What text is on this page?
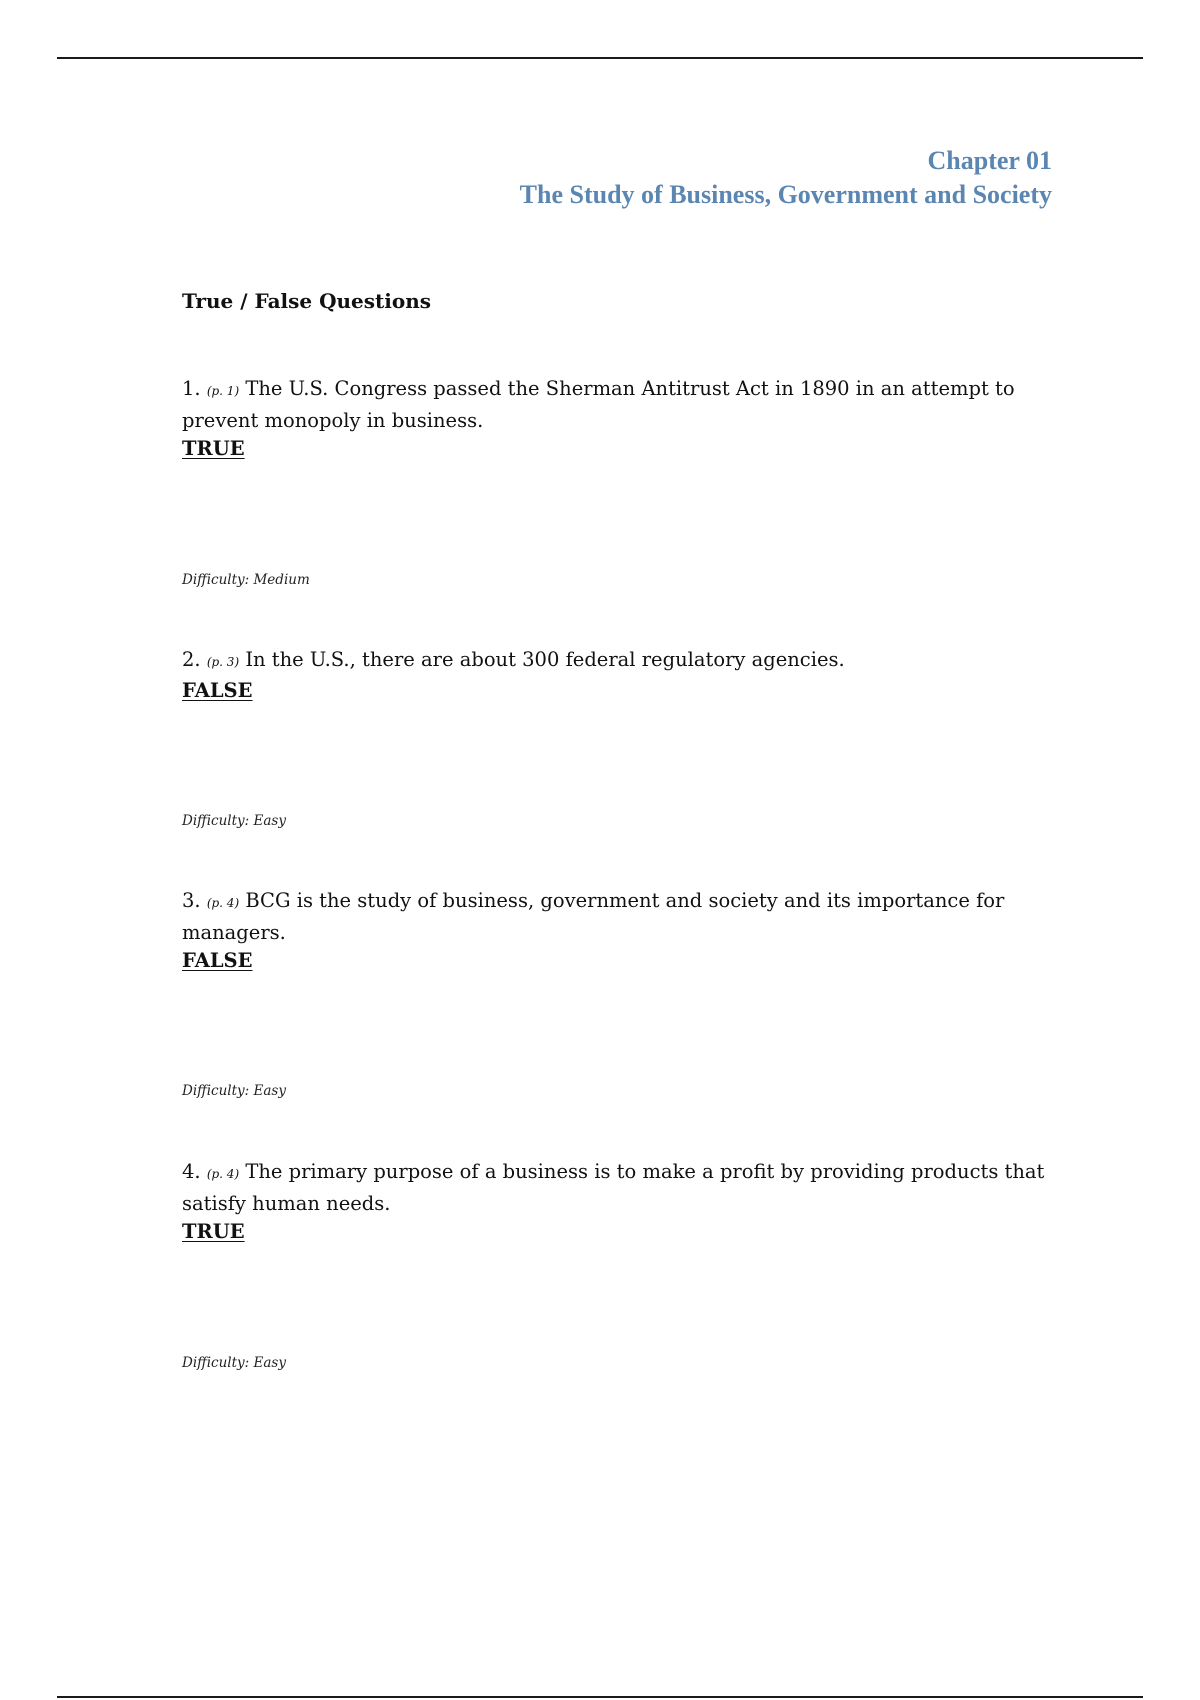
Chapter 01
The Study of Business, Government and Society
True / False Questions

1. (p. 1) The U.S. Congress passed the Sherman Antitrust Act in 1890 in an attempt to prevent monopoly in business.

TRUE
Difficulty: Medium

2. (p. 3) In the U.S., there are about 300 federal regulatory agencies.

FALSE
Difficulty: Easy

3. (p. 4) BCG is the study of business, government and society and its importance for managers.

FALSE
Difficulty: Easy

4. (p. 4) The primary purpose of a business is to make a profit by providing products that satisfy human needs.

TRUE
Difficulty: Easy
